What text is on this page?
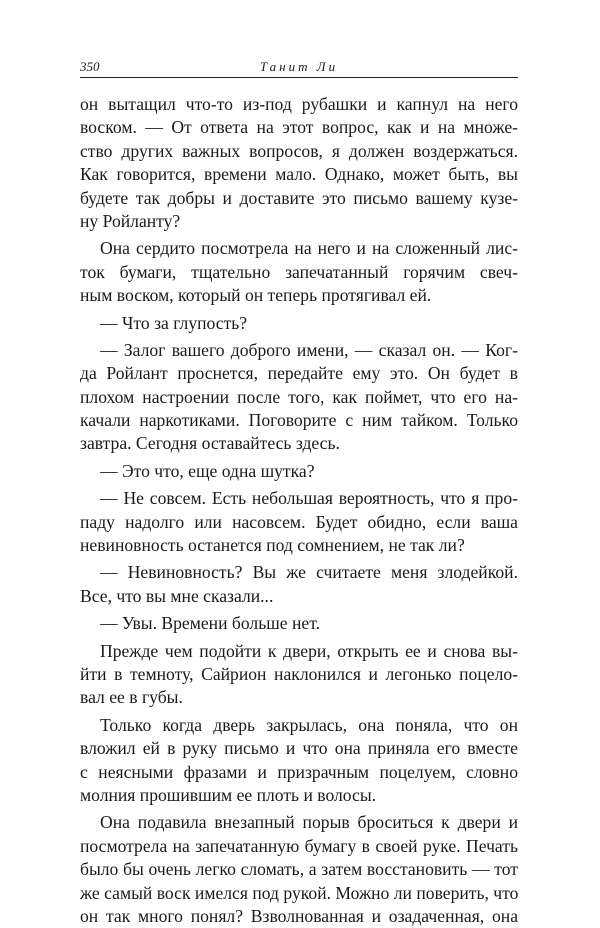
350	Танит Ли
он вытащил что-то из-под рубашки и капнул на него
воском. — От ответа на этот вопрос, как и на множе-
ство других важных вопросов, я должен воздержаться.
Как говорится, времени мало. Однако, может быть, вы
будете так добры и доставите это письмо вашему кузе-
ну Ройланту?
Она сердито посмотрела на него и на сложенный лис-
ток бумаги, тщательно запечатанный горячим свеч-
ным воском, который он теперь протягивал ей.
— Что за глупость?
— Залог вашего доброго имени, — сказал он. — Ког-
да Ройлант проснется, передайте ему это. Он будет в
плохом настроении после того, как поймет, что его на-
качали наркотиками. Поговорите с ним тайком. Только
завтра. Сегодня оставайтесь здесь.
— Это что, еще одна шутка?
— Не совсем. Есть небольшая вероятность, что я про-
паду надолго или насовсем. Будет обидно, если ваша
невиновность останется под сомнением, не так ли?
— Невиновность? Вы же считаете меня злодейкой.
Все, что вы мне сказали...
— Увы. Времени больше нет.
Прежде чем подойти к двери, открыть ее и снова вы-
йти в темноту, Сайрион наклонился и легонько поцело-
вал ее в губы.
Только когда дверь закрылась, она поняла, что он
вложил ей в руку письмо и что она приняла его вместе
с неясными фразами и призрачным поцелуем, словно
молния прошившим ее плоть и волосы.
Она подавила внезапный порыв броситься к двери и
посмотрела на запечатанную бумагу в своей руке. Печать
было бы очень легко сломать, а затем восстановить — тот
же самый воск имелся под рукой. Можно ли поверить, что
он так много понял? Взволнованная и озадаченная, она
